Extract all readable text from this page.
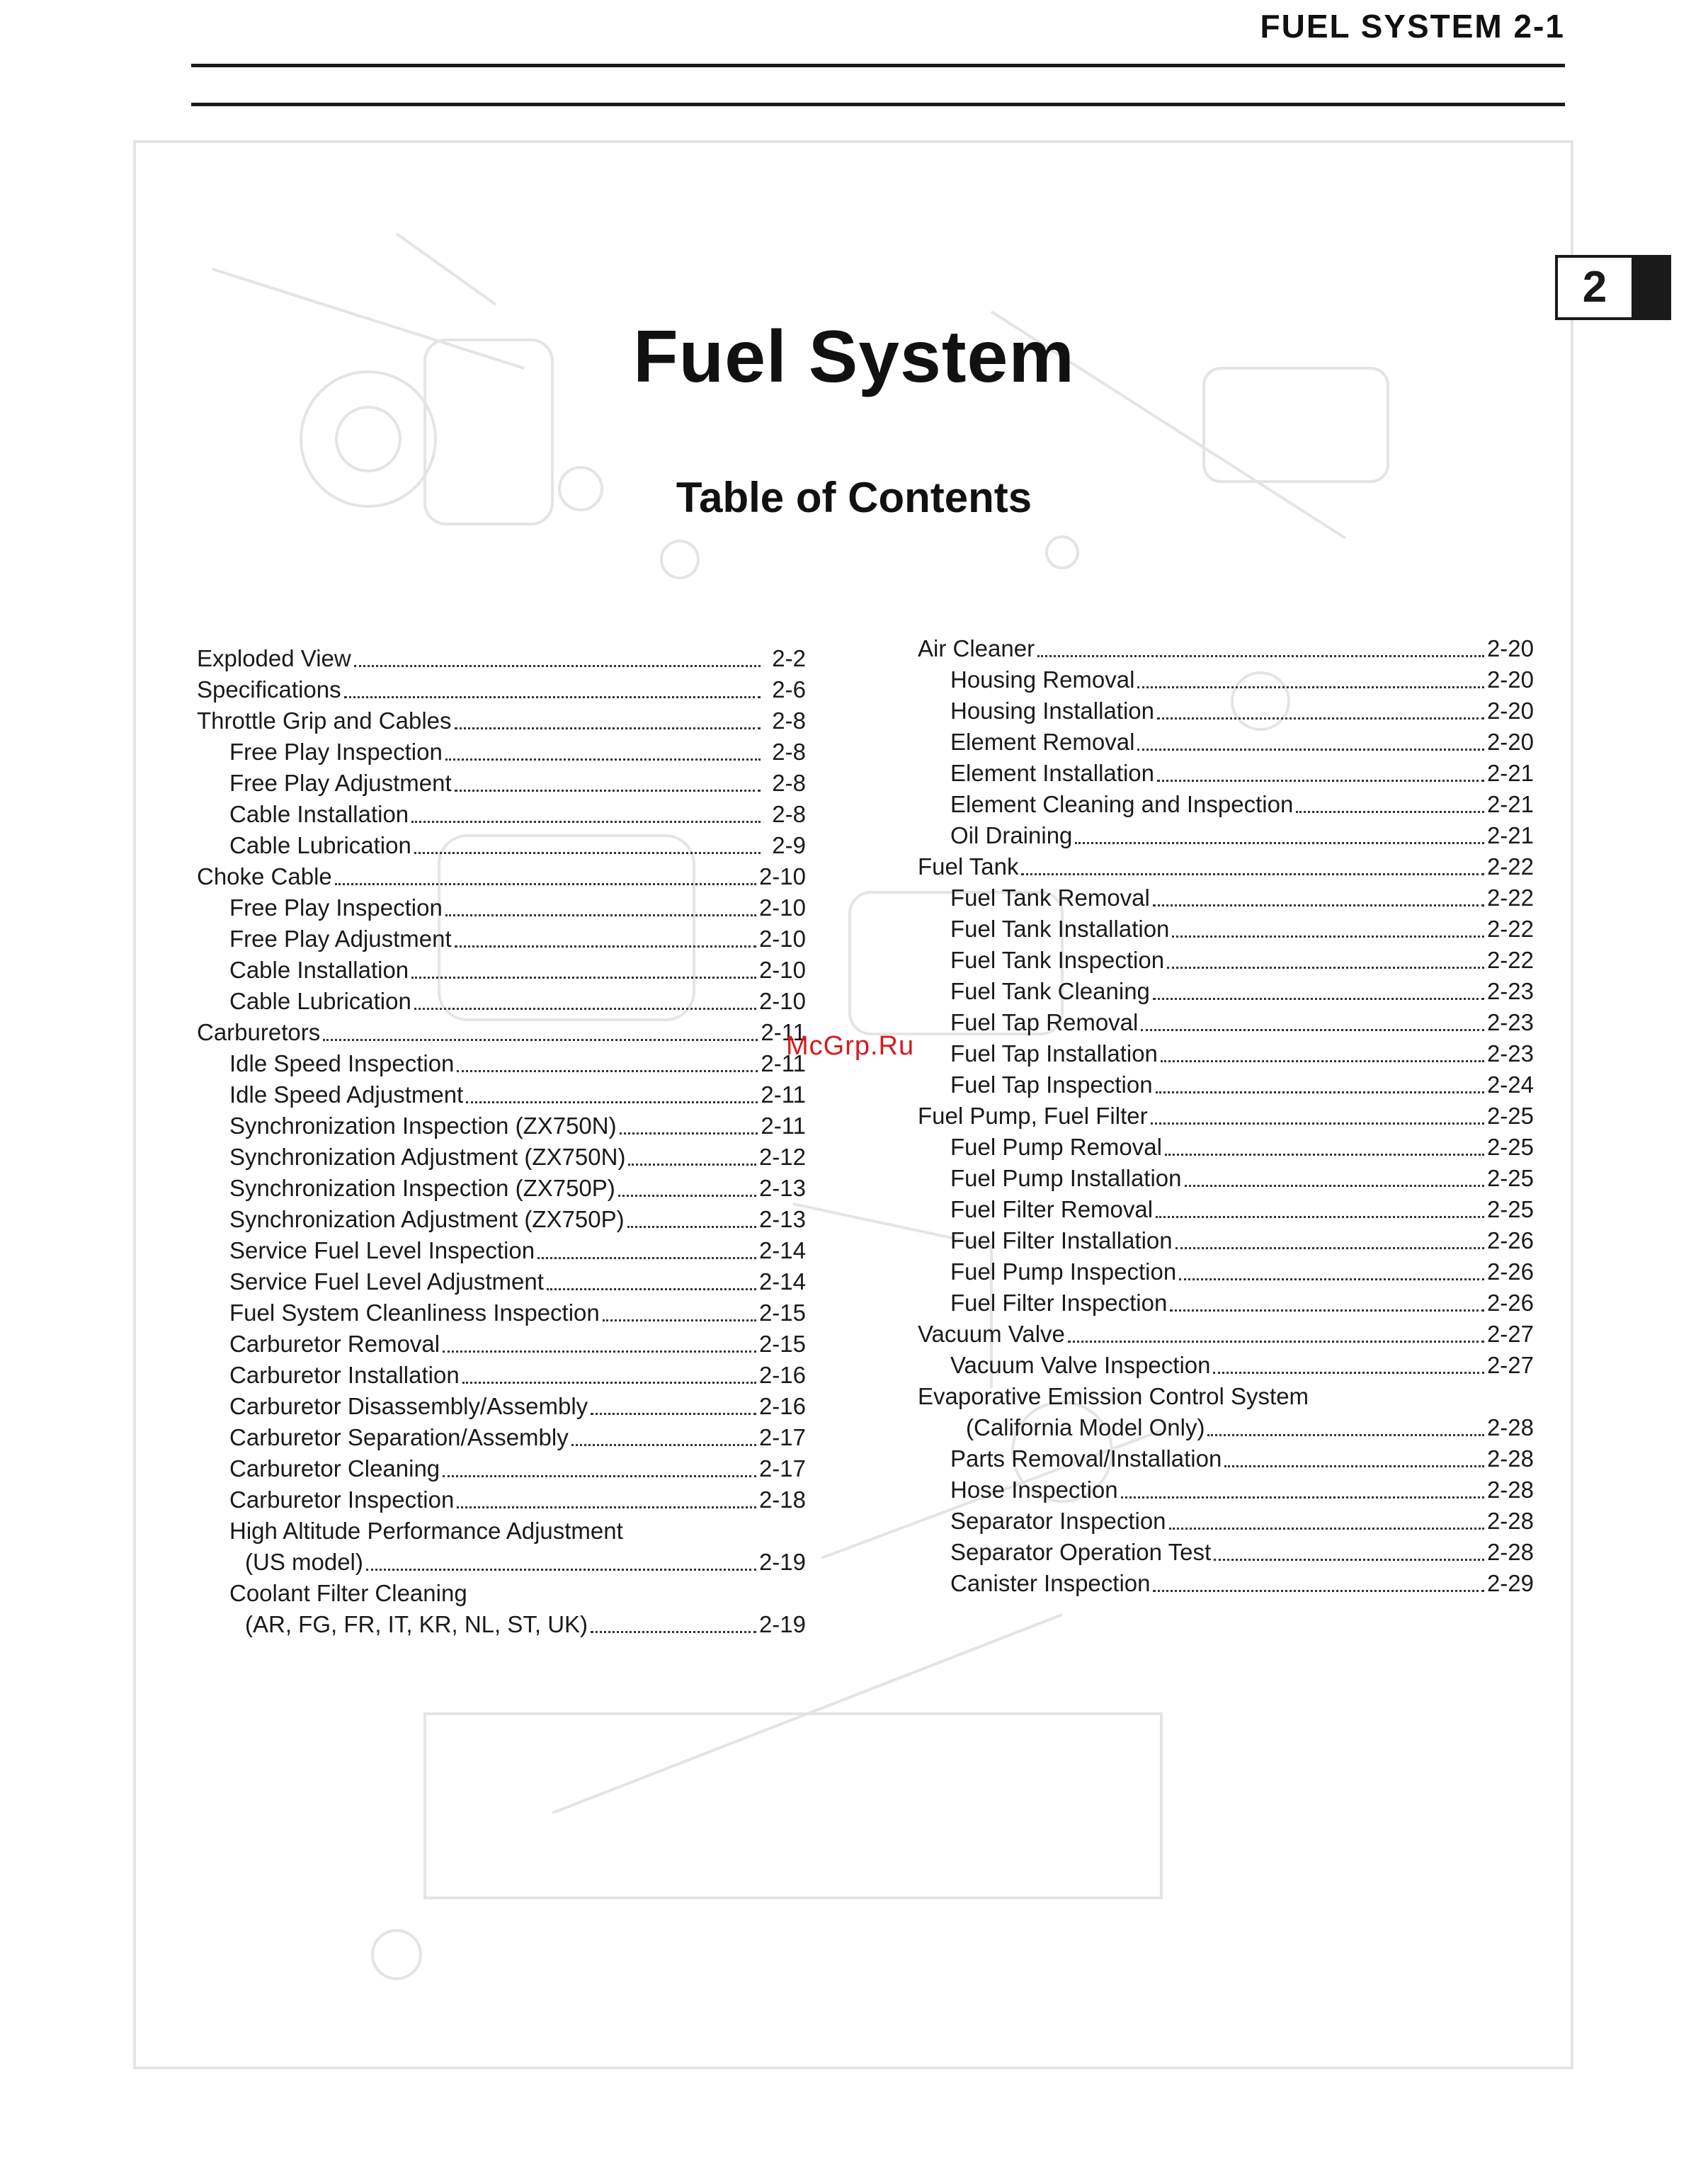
FUEL SYSTEM 2-1
2
Fuel System
Table of Contents
Exploded View	2-2
Specifications	2-6
Throttle Grip and Cables	2-8
Free Play Inspection	2-8
Free Play Adjustment	2-8
Cable Installation	2-8
Cable Lubrication	2-9
Choke Cable	2-10
Free Play Inspection	2-10
Free Play Adjustment	2-10
Cable Installation	2-10
Cable Lubrication	2-10
Carburetors	2-11
Idle Speed Inspection	2-11
Idle Speed Adjustment	2-11
Synchronization Inspection (ZX750N)	2-11
Synchronization Adjustment (ZX750N)	2-12
Synchronization Inspection (ZX750P)	2-13
Synchronization Adjustment (ZX750P)	2-13
Service Fuel Level Inspection	2-14
Service Fuel Level Adjustment	2-14
Fuel System Cleanliness Inspection	2-15
Carburetor Removal	2-15
Carburetor Installation	2-16
Carburetor Disassembly/Assembly	2-16
Carburetor Separation/Assembly	2-17
Carburetor Cleaning	2-17
Carburetor Inspection	2-18
High Altitude Performance Adjustment
(US model)	2-19
Coolant Filter Cleaning
(AR, FG, FR, IT, KR, NL, ST, UK)	2-19
Air Cleaner	2-20
Housing Removal	2-20
Housing Installation	2-20
Element Removal	2-20
Element Installation	2-21
Element Cleaning and Inspection	2-21
Oil Draining	2-21
Fuel Tank	2-22
Fuel Tank Removal	2-22
Fuel Tank Installation	2-22
Fuel Tank Inspection	2-22
Fuel Tank Cleaning	2-23
Fuel Tap Removal	2-23
Fuel Tap Installation	2-23
Fuel Tap Inspection	2-24
Fuel Pump, Fuel Filter	2-25
Fuel Pump Removal	2-25
Fuel Pump Installation	2-25
Fuel Filter Removal	2-25
Fuel Filter Installation	2-26
Fuel Pump Inspection	2-26
Fuel Filter Inspection	2-26
Vacuum Valve	2-27
Vacuum Valve Inspection	2-27
Evaporative Emission Control System
(California Model Only)	2-28
Parts Removal/Installation	2-28
Hose Inspection	2-28
Separator Inspection	2-28
Separator Operation Test	2-28
Canister Inspection	2-29
McGrp.Ru
